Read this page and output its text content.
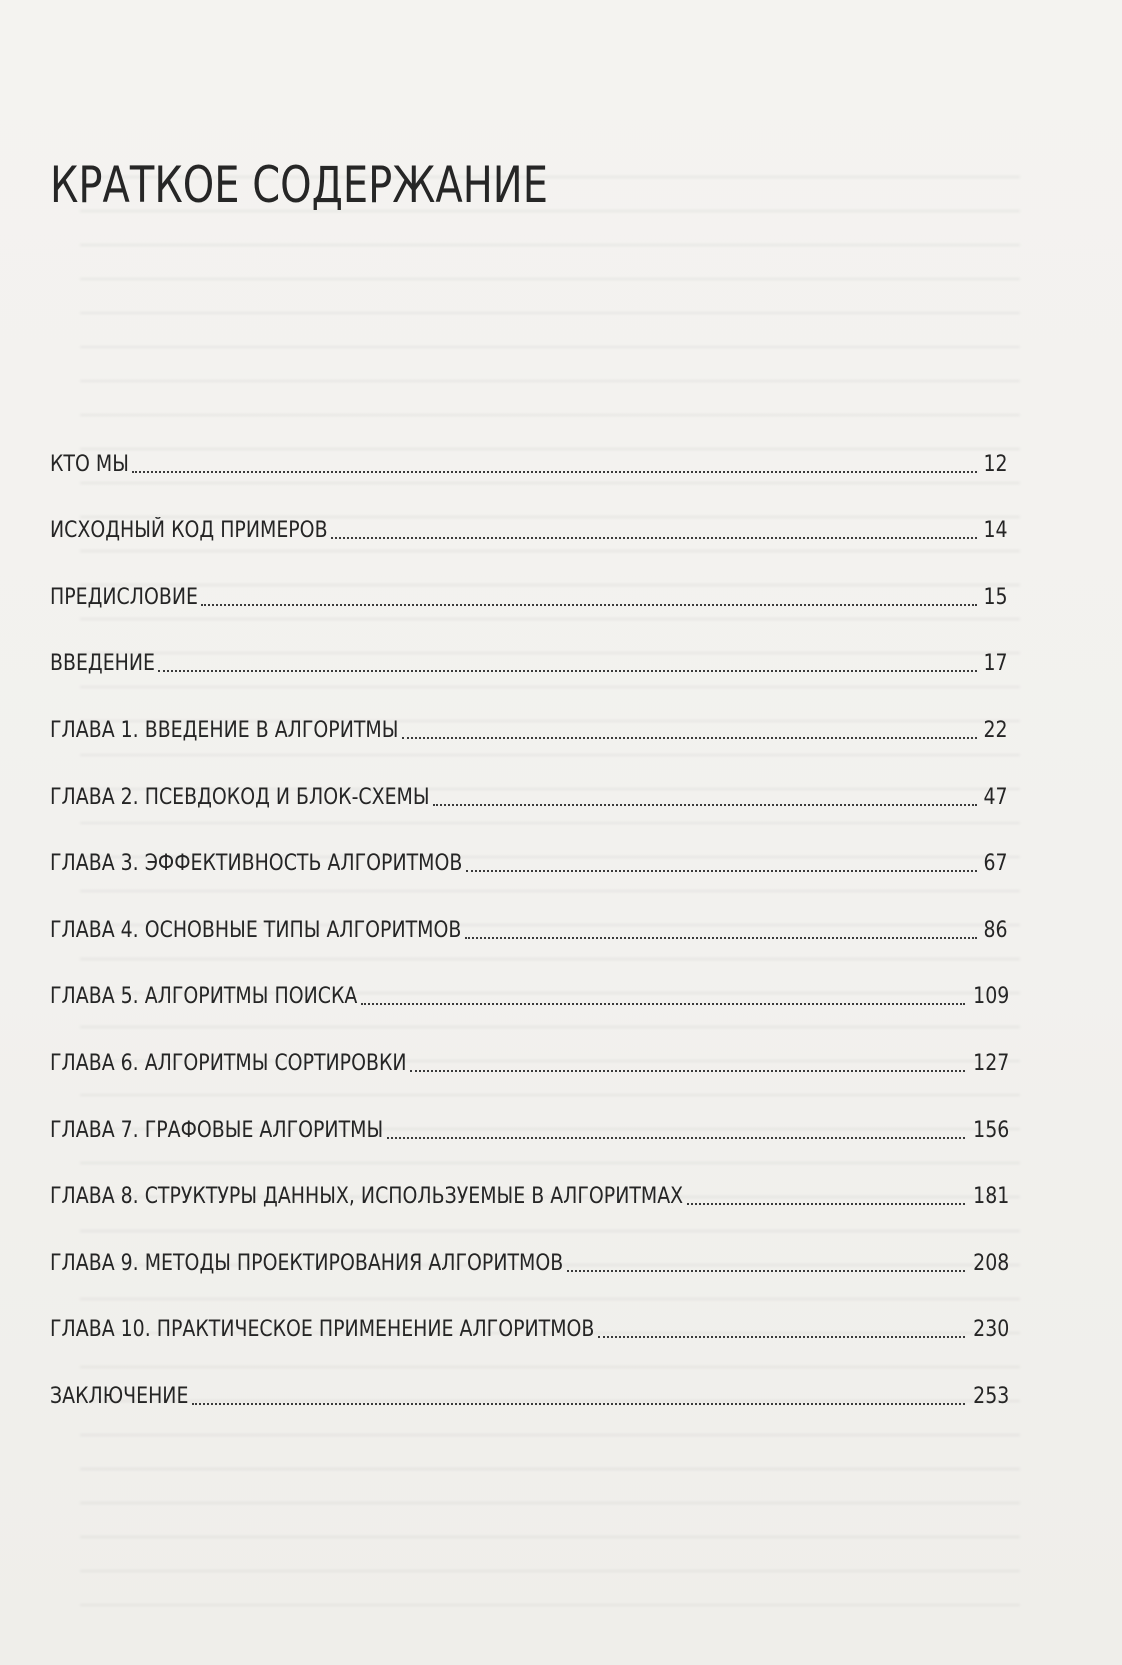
КРАТКОЕ СОДЕРЖАНИЕ
КТО МЫ	12
ИСХОДНЫЙ КОД ПРИМЕРОВ	14
ПРЕДИСЛОВИЕ	15
ВВЕДЕНИЕ	17
ГЛАВА 1. ВВЕДЕНИЕ В АЛГОРИТМЫ	22
ГЛАВА 2. ПСЕВДОКОД И БЛОК-СХЕМЫ	47
ГЛАВА 3. ЭФФЕКТИВНОСТЬ АЛГОРИТМОВ	67
ГЛАВА 4. ОСНОВНЫЕ ТИПЫ АЛГОРИТМОВ	86
ГЛАВА 5. АЛГОРИТМЫ ПОИСКА	109
ГЛАВА 6. АЛГОРИТМЫ СОРТИРОВКИ	127
ГЛАВА 7. ГРАФОВЫЕ АЛГОРИТМЫ	156
ГЛАВА 8. СТРУКТУРЫ ДАННЫХ, ИСПОЛЬЗУЕМЫЕ В АЛГОРИТМАХ	181
ГЛАВА 9. МЕТОДЫ ПРОЕКТИРОВАНИЯ АЛГОРИТМОВ	208
ГЛАВА 10. ПРАКТИЧЕСКОЕ ПРИМЕНЕНИЕ АЛГОРИТМОВ	230
ЗАКЛЮЧЕНИЕ	253
